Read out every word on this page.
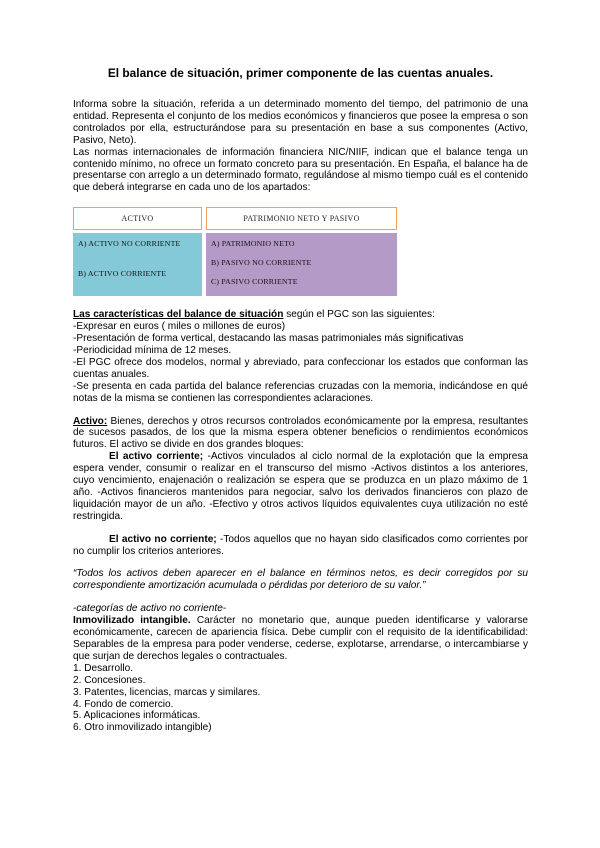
El balance de situación, primer componente de las cuentas anuales.

Informa sobre la situación, referida a un determinado momento del tiempo, del patrimonio de una entidad. Representa el conjunto de los medios económicos y financieros que posee la empresa o son controlados por ella, estructurándose para su presentación en base a sus componentes (Activo, Pasivo, Neto).

Las normas internacionales de información financiera NIC/NIIF, indican que el balance tenga un contenido mínimo, no ofrece un formato concreto para su presentación. En España, el balance ha de presentarse con arreglo a un determinado formato, regulándose al mismo tiempo cuál es el contenido que deberá integrarse en cada uno de los apartados:

Las características del balance de situación según el PGC son las siguientes:

-Expresar en euros ( miles o millones de euros)

-Presentación de forma vertical, destacando las masas patrimoniales más significativas

-Periodicidad mínima de 12 meses.

-El PGC ofrece dos modelos, normal y abreviado, para confeccionar los estados que conforman las cuentas anuales.

-Se presenta en cada partida del balance referencias cruzadas con la memoria, indicándose en qué notas de la misma se contienen las correspondientes aclaraciones.

Activo: Bienes, derechos y otros recursos controlados económicamente por la empresa, resultantes de sucesos pasados, de los que la misma espera obtener beneficios o rendimientos económicos futuros. El activo se divide en dos grandes bloques:

El activo corriente; -Activos vinculados al ciclo normal de la explotación que la empresa espera vender, consumir o realizar en el transcurso del mismo -Activos distintos a los anteriores, cuyo vencimiento, enajenación o realización se espera que se produzca en un plazo máximo de 1 año. -Activos financieros mantenidos para negociar, salvo los derivados financieros con plazo de liquidación mayor de un año. -Efectivo y otros activos líquidos equivalentes cuya utilización no esté restringida.

El activo no corriente; -Todos aquellos que no hayan sido clasificados como corrientes por no cumplir los criterios anteriores.

“Todos los activos deben aparecer en el balance en términos netos, es decir corregidos por su correspondiente amortización acumulada o pérdidas por deterioro de su valor.”

-categorías de activo no corriente-

Inmovilizado intangible. Carácter no monetario que, aunque pueden identificarse y valorarse económicamente, carecen de apariencia física. Debe cumplir con el requisito de la identificabilidad: Separables de la empresa para poder venderse, cederse, explotarse, arrendarse, o intercambiarse y que surjan de derechos legales o contractuales.

1. Desarrollo.

2. Concesiones.

3. Patentes, licencias, marcas y similares.

4. Fondo de comercio.

5. Aplicaciones informáticas.

6. Otro inmovilizado intangible)

ACTIVO	PATRIMONIO NETO Y PASIVO
A) ACTIVO NO CORRIENTE
B) ACTIVO CORRIENTE
A) PATRIMONIO NETO
B) PASIVO NO CORRIENTE
C) PASIVO CORRIENTE
